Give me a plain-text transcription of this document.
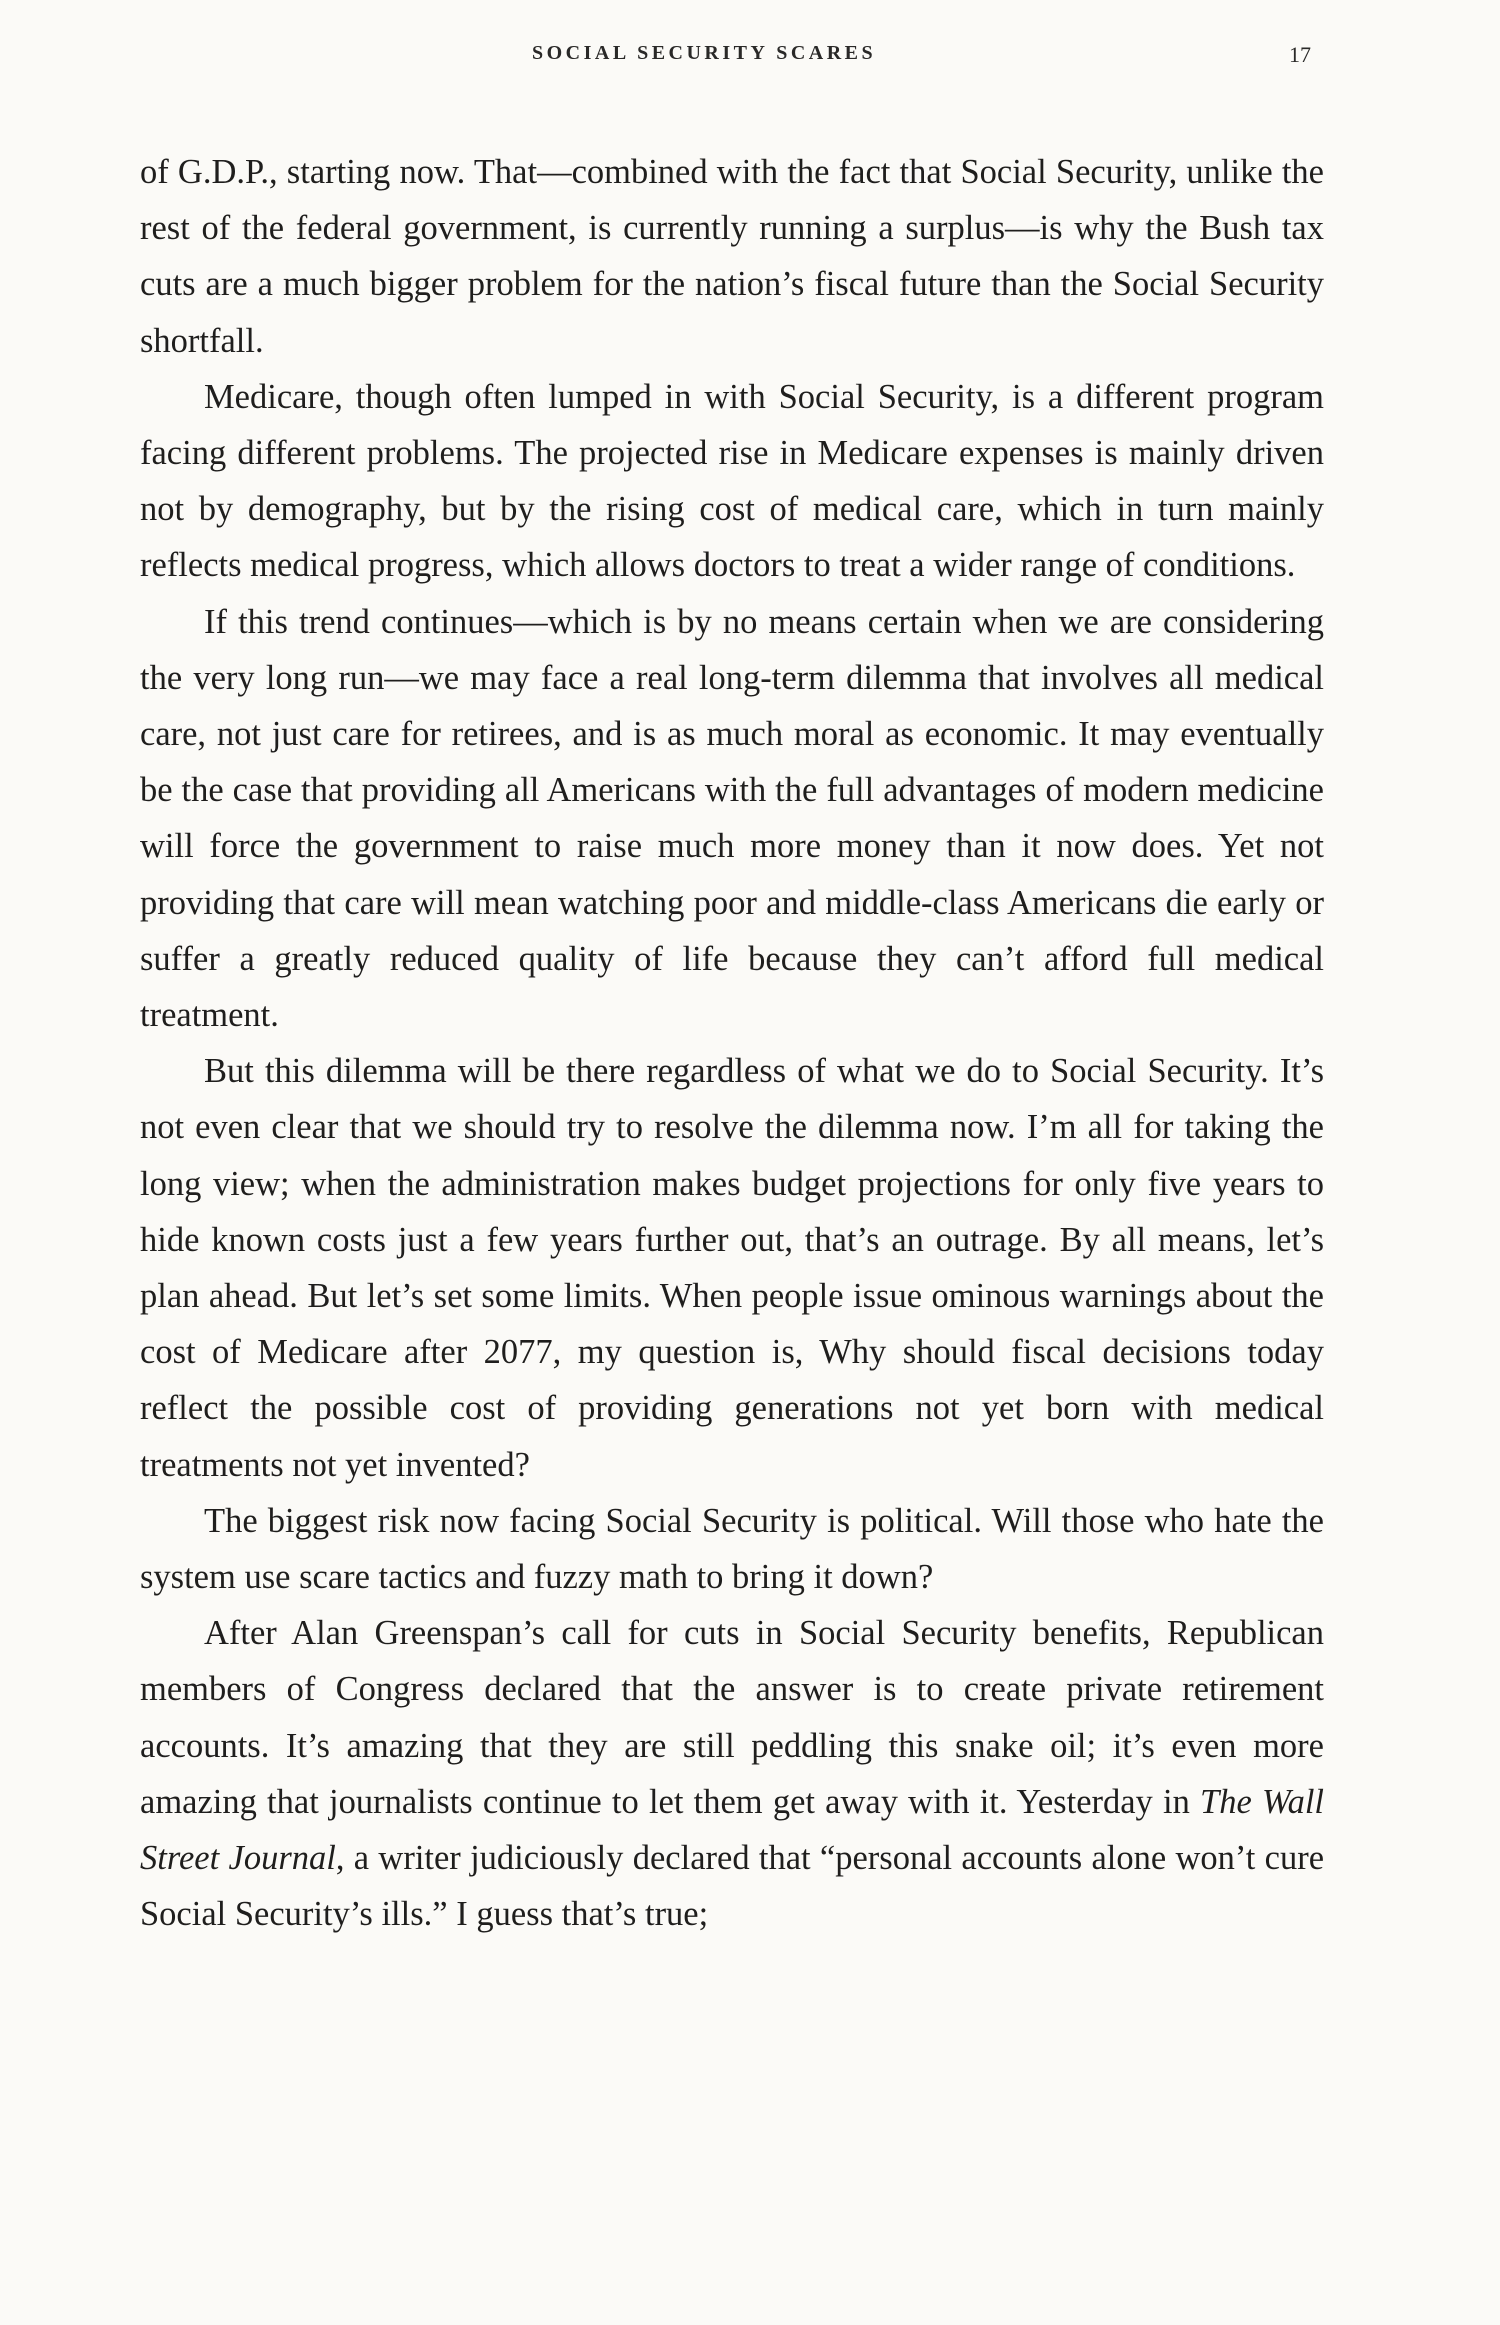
SOCIAL SECURITY SCARES	17

of G.D.P., starting now. That—combined with the fact that Social Security, unlike the rest of the federal government, is currently running a surplus—is why the Bush tax cuts are a much bigger problem for the nation’s fiscal future than the Social Security shortfall.

Medicare, though often lumped in with Social Security, is a different program facing different problems. The projected rise in Medicare expenses is mainly driven not by demography, but by the rising cost of medical care, which in turn mainly reflects medical progress, which allows doctors to treat a wider range of conditions.

If this trend continues—which is by no means certain when we are considering the very long run—we may face a real long-term dilemma that involves all medical care, not just care for retirees, and is as much moral as economic. It may eventually be the case that providing all Americans with the full advantages of modern medicine will force the government to raise much more money than it now does. Yet not providing that care will mean watching poor and middle-class Americans die early or suffer a greatly reduced quality of life because they can’t afford full medical treatment.

But this dilemma will be there regardless of what we do to Social Security. It’s not even clear that we should try to resolve the dilemma now. I’m all for taking the long view; when the administration makes budget projections for only five years to hide known costs just a few years further out, that’s an outrage. By all means, let’s plan ahead. But let’s set some limits. When people issue ominous warnings about the cost of Medicare after 2077, my question is, Why should fiscal decisions today reflect the possible cost of providing generations not yet born with medical treatments not yet invented?

The biggest risk now facing Social Security is political. Will those who hate the system use scare tactics and fuzzy math to bring it down?

After Alan Greenspan’s call for cuts in Social Security benefits, Republican members of Congress declared that the answer is to create private retirement accounts. It’s amazing that they are still peddling this snake oil; it’s even more amazing that journalists continue to let them get away with it. Yesterday in The Wall Street Journal, a writer judiciously declared that “personal accounts alone won’t cure Social Security’s ills.” I guess that’s true;
